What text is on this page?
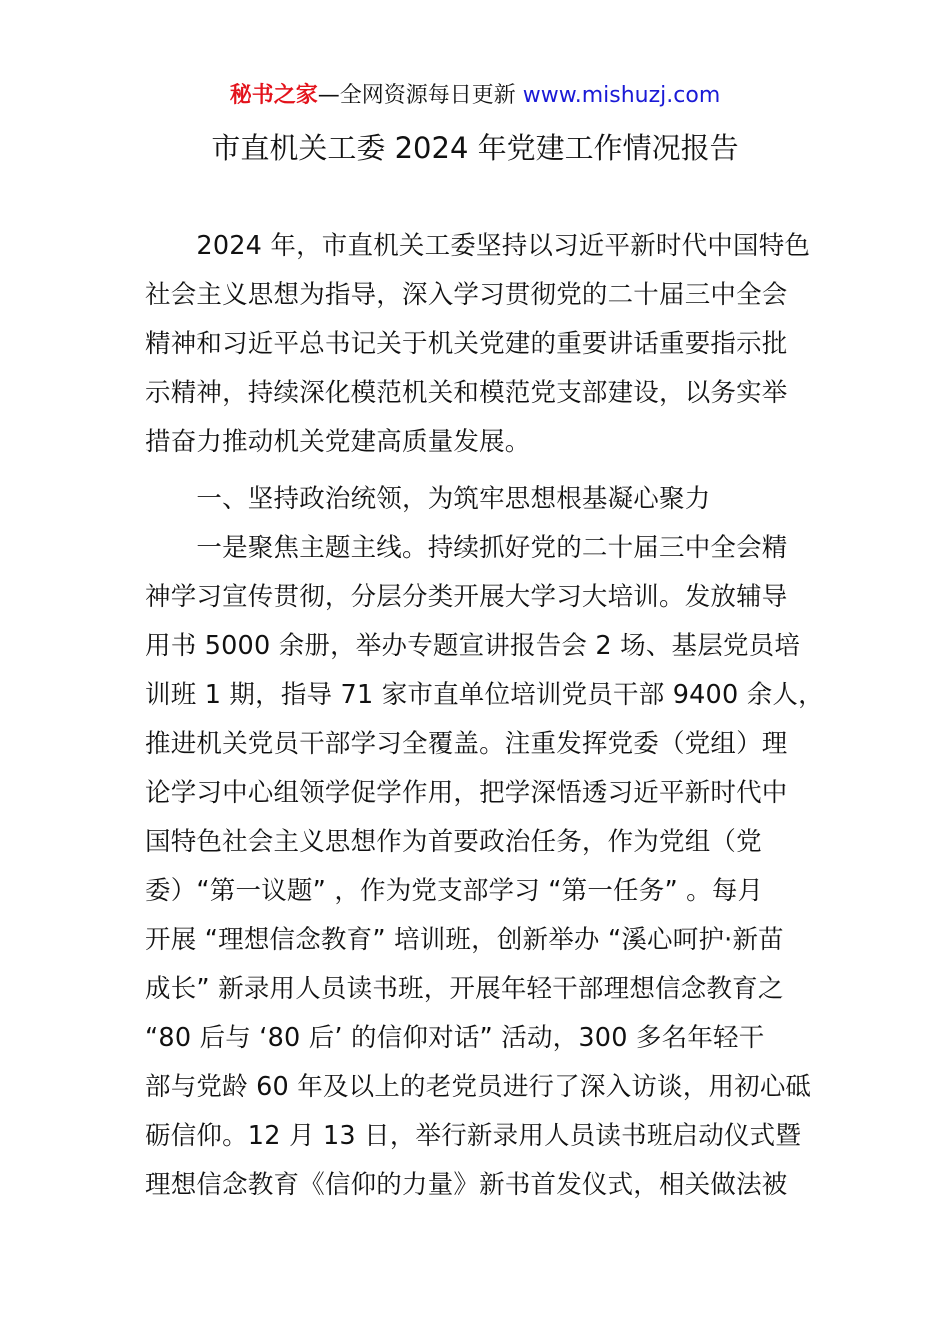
秘书之家—全网资源每日更新 www.mishuzj.com
市直机关工委 2024 年党建工作情况报告
　　2024 年，市直机关工委坚持以习近平新时代中国特色
社会主义思想为指导，深入学习贯彻党的二十届三中全会
精神和习近平总书记关于机关党建的重要讲话重要指示批
示精神，持续深化模范机关和模范党支部建设，以务实举
措奋力推动机关党建高质量发展。
　　一、坚持政治统领，为筑牢思想根基凝心聚力
　　一是聚焦主题主线。持续抓好党的二十届三中全会精
神学习宣传贯彻，分层分类开展大学习大培训。发放辅导
用书 5000 余册，举办专题宣讲报告会 2 场、基层党员培
训班 1 期，指导 71 家市直单位培训党员干部 9400 余人，
推进机关党员干部学习全覆盖。注重发挥党委（党组）理
论学习中心组领学促学作用，把学深悟透习近平新时代中
国特色社会主义思想作为首要政治任务，作为党组（党
委）“第一议题” ，作为党支部学习 “第一任务” 。每月
开展 “理想信念教育” 培训班，创新举办 “溪心呵护·新苗
成长” 新录用人员读书班，开展年轻干部理想信念教育之
“80 后与 ‘80 后’ 的信仰对话” 活动，300 多名年轻干
部与党龄 60 年及以上的老党员进行了深入访谈，用初心砥
砺信仰。12 月 13 日，举行新录用人员读书班启动仪式暨
理想信念教育《信仰的力量》新书首发仪式，相关做法被
